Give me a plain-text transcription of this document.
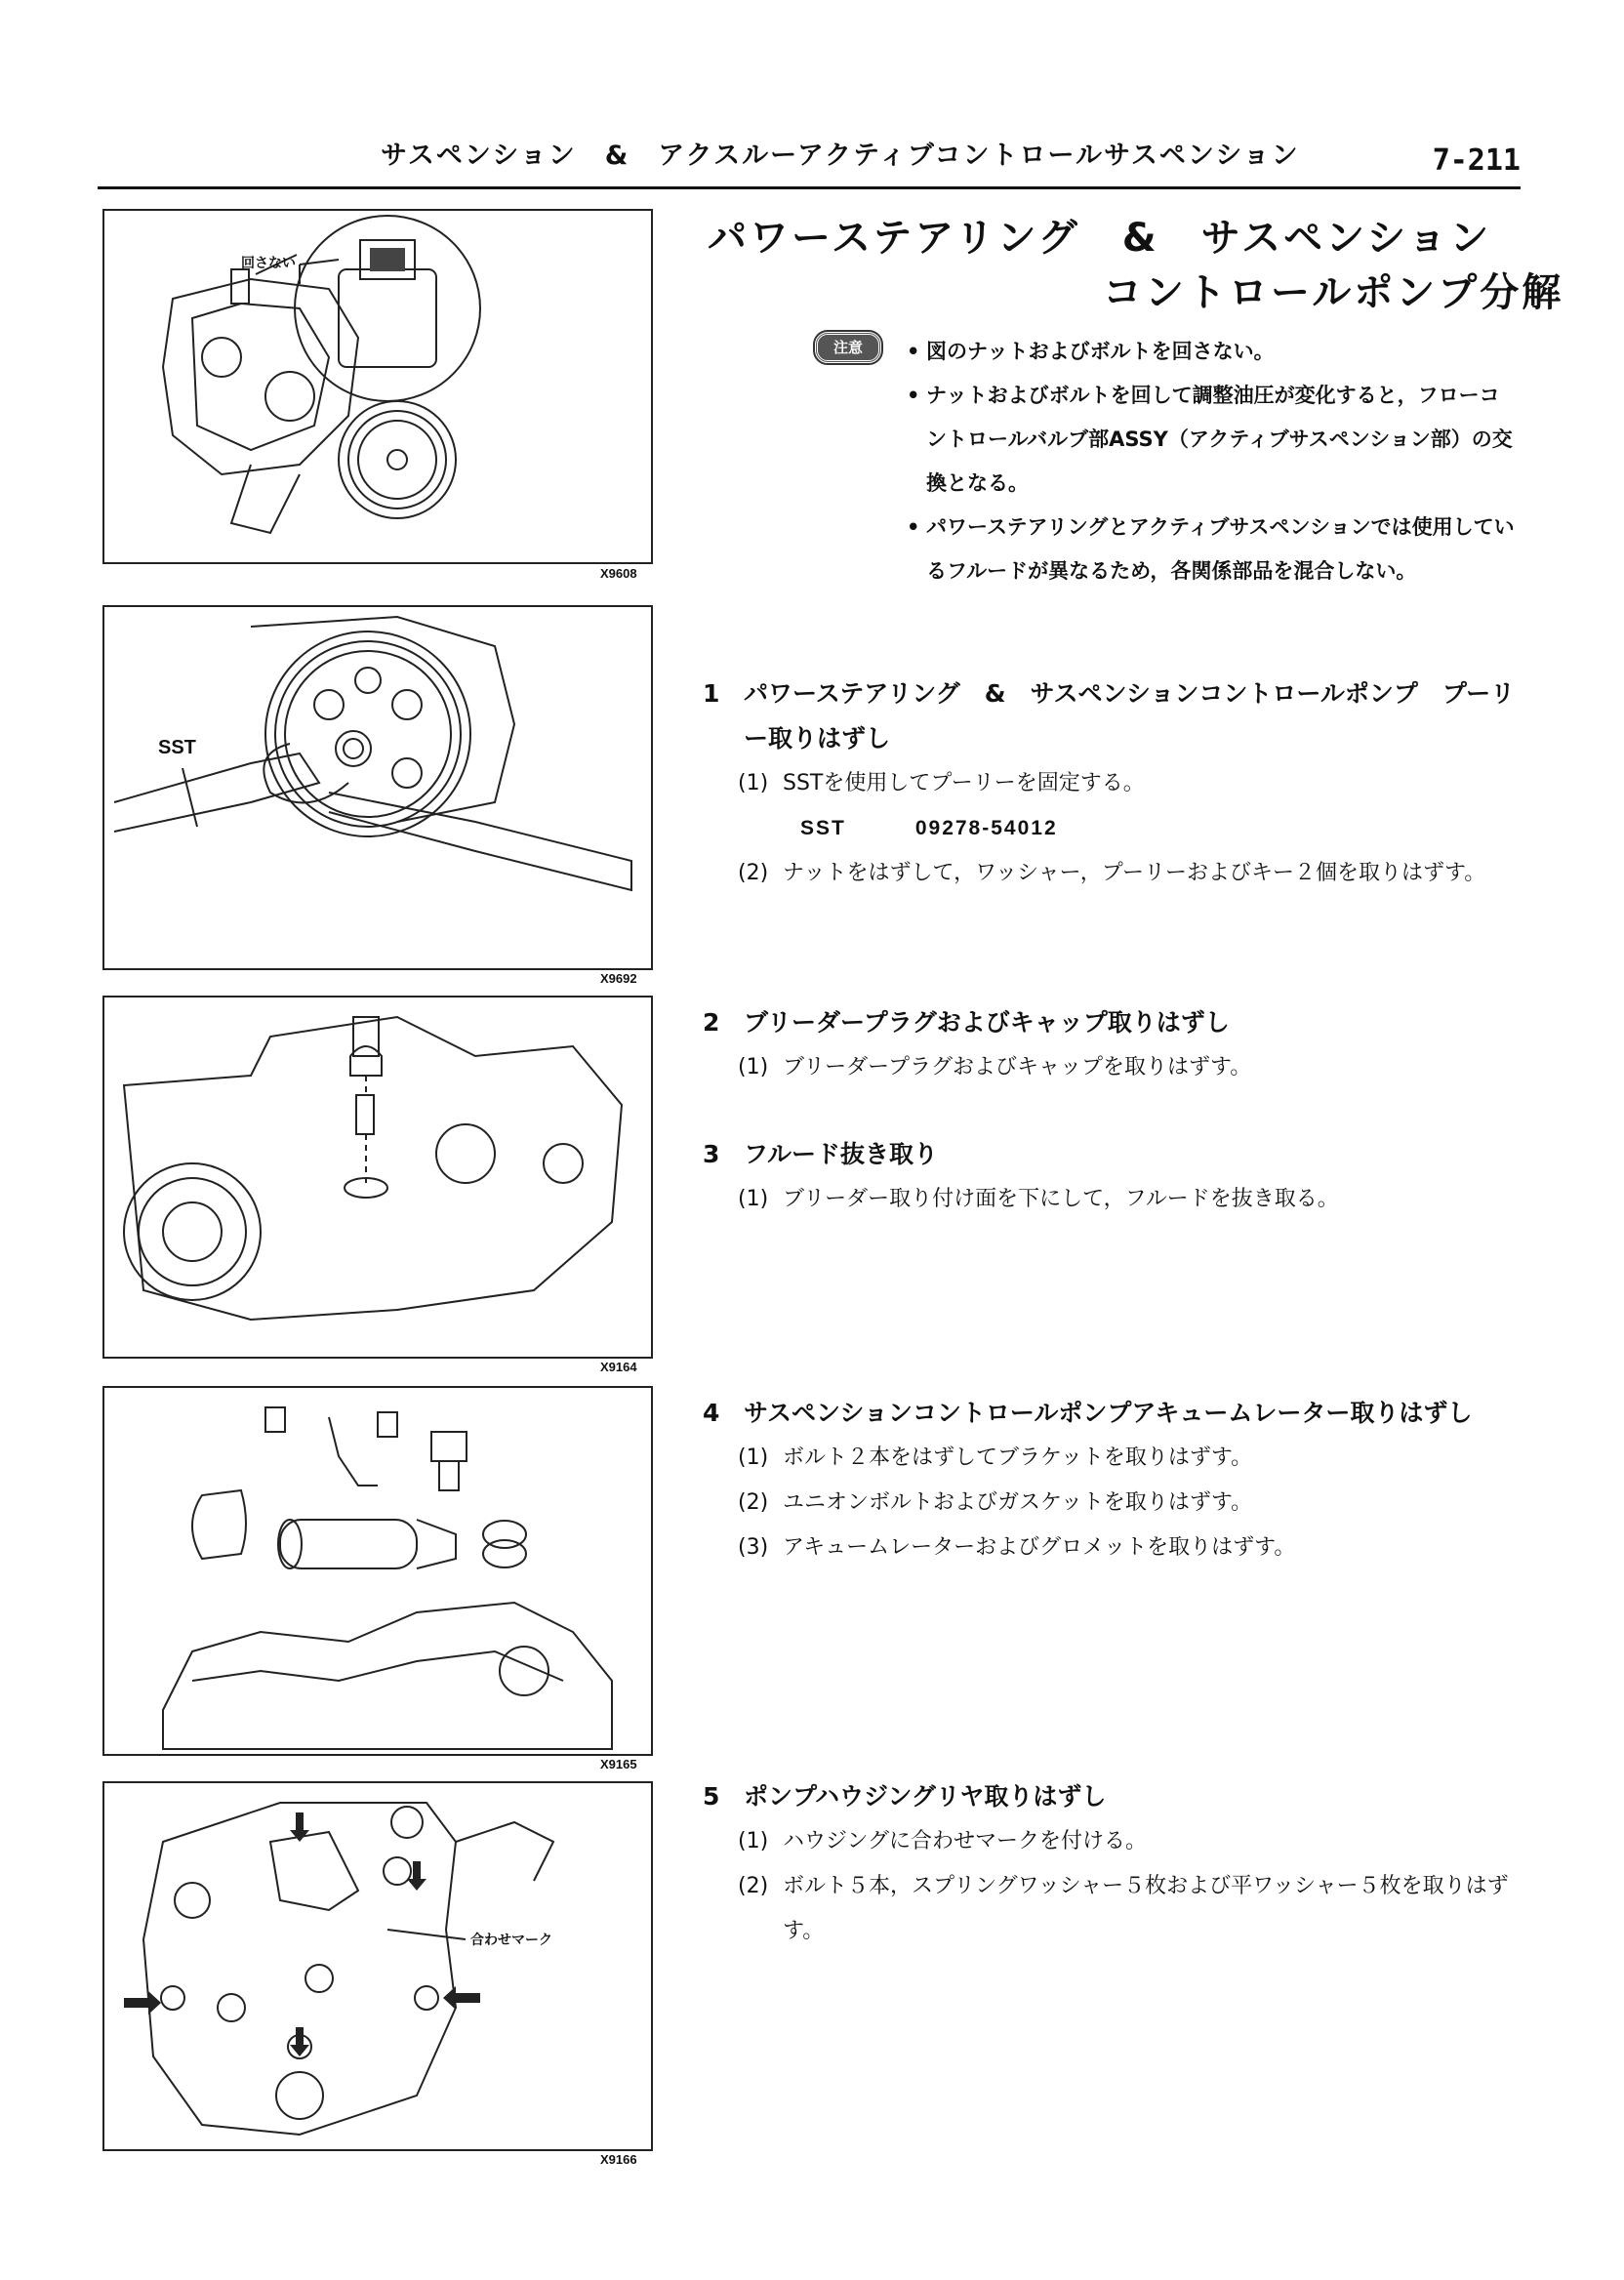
サスペンション　&　アクスルーアクティブコントロールサスペンション	7-211
回さない
X9608
SST
X9692
X9164
X9165
合わせマーク
X9166
パワーステアリング　&　サスペンション
コントロールポンプ分解
注意
•	図のナットおよびボルトを回さない。
• ナットおよびボルトを回して調整油圧が変化すると，フローコントロールバルブ部ASSY（アクティブサスペンション部）の交換となる。
• パワーステアリングとアクティブサスペンションでは使用しているフルードが異なるため，各関係部品を混合しない。
1 パワーステアリング　&　サスペンションコントロールポンプ　プーリー取りはずし
(1) SSTを使用してプーリーを固定する。
SST	09278-54012
(2) ナットをはずして，ワッシャー，プーリーおよびキー２個を取りはずす。
2 ブリーダープラグおよびキャップ取りはずし
(1) ブリーダープラグおよびキャップを取りはずす。
3 フルード抜き取り
(1) ブリーダー取り付け面を下にして，フルードを抜き取る。
4 サスペンションコントロールポンプアキュームレーター取りはずし
(1) ボルト２本をはずしてブラケットを取りはずす。
(2) ユニオンボルトおよびガスケットを取りはずす。
(3) アキュームレーターおよびグロメットを取りはずす。
5 ポンプハウジングリヤ取りはずし
(1) ハウジングに合わせマークを付ける。
(2) ボルト５本，スプリングワッシャー５枚および平ワッシャー５枚を取りはずす。
